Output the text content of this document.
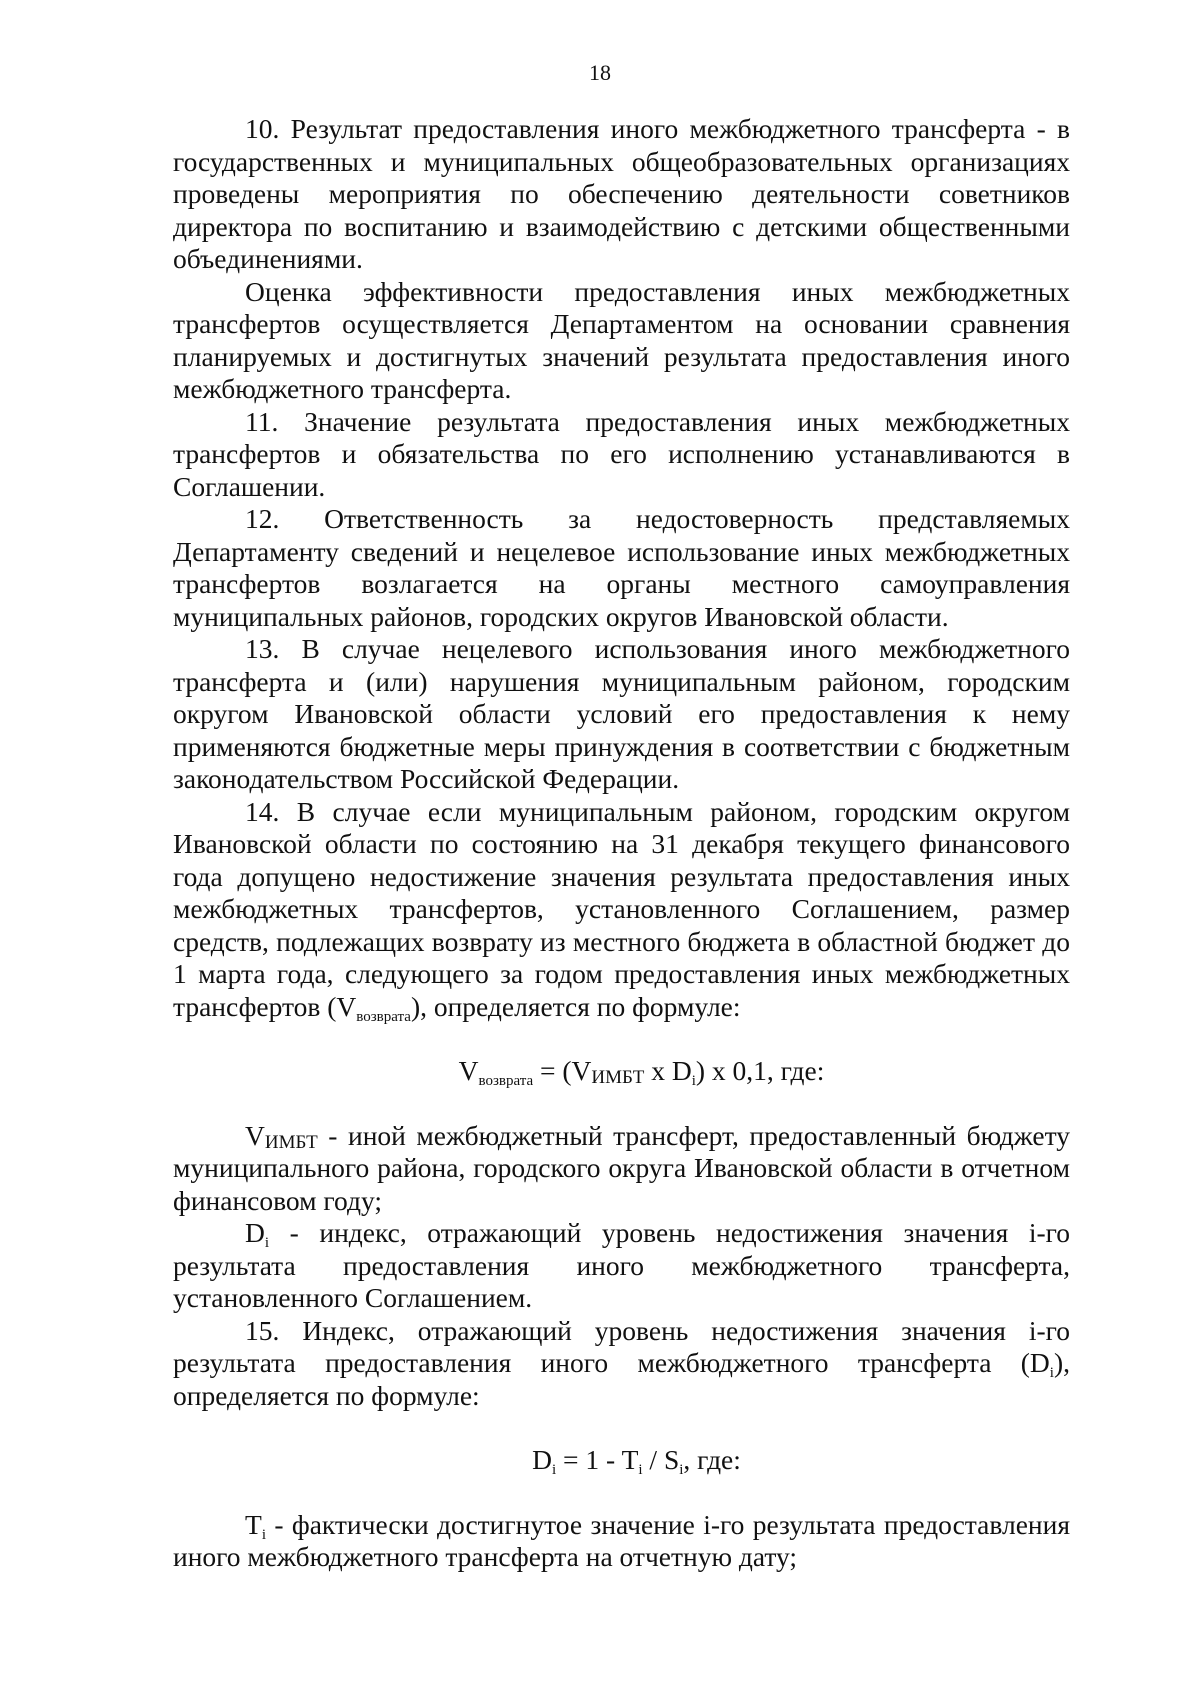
18

10. Результат предоставления иного межбюджетного трансферта - в государственных и муниципальных общеобразовательных организациях проведены мероприятия по обеспечению деятельности советников директора по воспитанию и взаимодействию с детскими общественными объединениями.

Оценка эффективности предоставления иных межбюджетных трансфертов осуществляется Департаментом на основании сравнения планируемых и достигнутых значений результата предоставления иного межбюджетного трансферта.

11. Значение результата предоставления иных межбюджетных трансфертов и обязательства по его исполнению устанавливаются в Соглашении.

12. Ответственность за недостоверность представляемых Департаменту сведений и нецелевое использование иных межбюджетных трансфертов возлагается на органы местного самоуправления муниципальных районов, городских округов Ивановской области.

13. В случае нецелевого использования иного межбюджетного трансферта и (или) нарушения муниципальным районом, городским округом Ивановской области условий его предоставления к нему применяются бюджетные меры принуждения в соответствии с бюджетным законодательством Российской Федерации.

14. В случае если муниципальным районом, городским округом Ивановской области по состоянию на 31 декабря текущего финансового года допущено недостижение значения результата предоставления иных межбюджетных трансфертов, установленного Соглашением, размер средств, подлежащих возврату из местного бюджета в областной бюджет до 1 марта года, следующего за годом предоставления иных межбюджетных трансфертов $(V_{возврата})$, определяется по формуле:

$V_{возврата}$ = (VИМБТ x $D_i$) x 0,1, где:

VИМБТ - иной межбюджетный трансферт, предоставленный бюджету муниципального района, городского округа Ивановской области в отчетном финансовом году;

$D_i$ - индекс, отражающий уровень недостижения значения i-го результата предоставления иного межбюджетного трансферта, установленного Соглашением.

15. Индекс, отражающий уровень недостижения значения i-го результата предоставления иного межбюджетного трансферта $(D_i)$, определяется по формуле:

$D_i = 1 - T_i / S_i$, где:

$T_i$ - фактически достигнутое значение i-го результата предоставления иного межбюджетного трансферта на отчетную дату;
